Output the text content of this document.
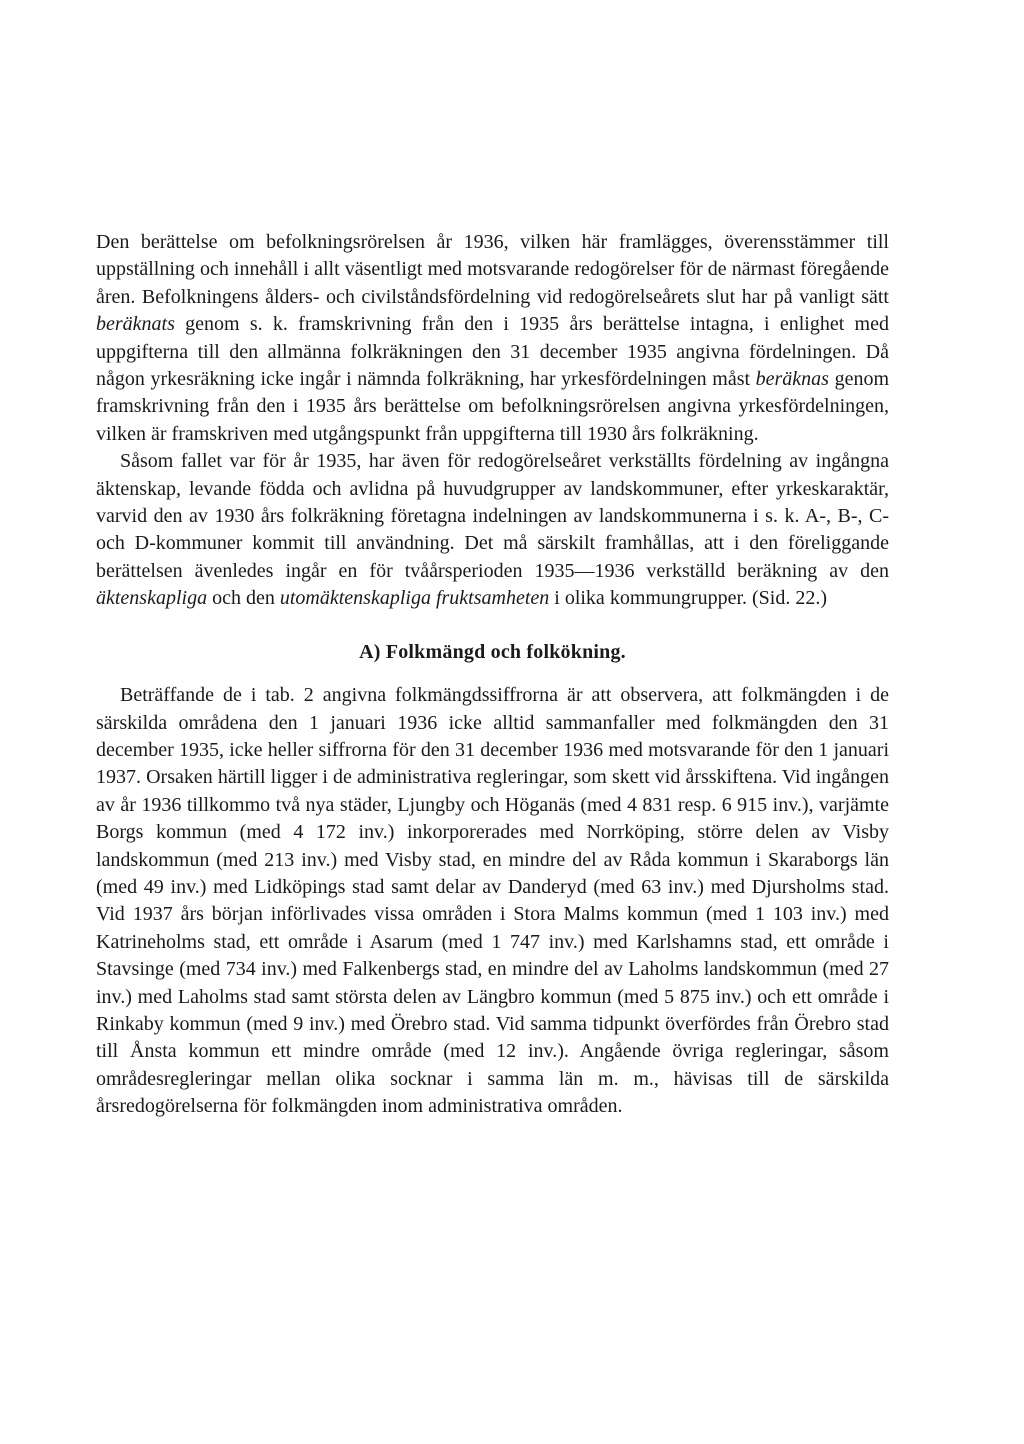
Den berättelse om befolkningsrörelsen år 1936, vilken här framlägges, överensstämmer till uppställning och innehåll i allt väsentligt med motsvarande redogörelser för de närmast föregående åren. Befolkningens ålders- och civilståndsfördelning vid redogörelseårets slut har på vanligt sätt beräknats genom s. k. framskrivning från den i 1935 års berättelse intagna, i enlighet med uppgifterna till den allmänna folkräkningen den 31 december 1935 angivna fördelningen. Då någon yrkesräkning icke ingår i nämnda folkräkning, har yrkesfördelningen måst beräknas genom framskrivning från den i 1935 års berättelse om befolkningsrörelsen angivna yrkesfördelningen, vilken är framskriven med utgångspunkt från uppgifterna till 1930 års folkräkning.

Såsom fallet var för år 1935, har även för redogörelseåret verkställts fördelning av ingångna äktenskap, levande födda och avlidna på huvudgrupper av landskommuner, efter yrkeskaraktär, varvid den av 1930 års folkräkning företagna indelningen av landskommunerna i s. k. A-, B-, C- och D-kommuner kommit till användning. Det må särskilt framhållas, att i den föreliggande berättelsen ävenledes ingår en för tvåårsperioden 1935—1936 verkställd beräkning av den äktenskapliga och den utomäktenskapliga fruktsamheten i olika kommungrupper. (Sid. 22.)

A) Folkmängd och folkökning.

Beträffande de i tab. 2 angivna folkmängdssiffrorna är att observera, att folkmängden i de särskilda områdena den 1 januari 1936 icke alltid sammanfaller med folkmängden den 31 december 1935, icke heller siffrorna för den 31 december 1936 med motsvarande för den 1 januari 1937. Orsaken härtill ligger i de administrativa regleringar, som skett vid årsskiftena. Vid ingången av år 1936 tillkommo två nya städer, Ljungby och Höganäs (med 4 831 resp. 6 915 inv.), varjämte Borgs kommun (med 4 172 inv.) inkorporerades med Norrköping, större delen av Visby landskommun (med 213 inv.) med Visby stad, en mindre del av Råda kommun i Skaraborgs län (med 49 inv.) med Lidköpings stad samt delar av Danderyd (med 63 inv.) med Djursholms stad. Vid 1937 års början införlivades vissa områden i Stora Malms kommun (med 1 103 inv.) med Katrineholms stad, ett område i Asarum (med 1 747 inv.) med Karlshamns stad, ett område i Stavsinge (med 734 inv.) med Falkenbergs stad, en mindre del av Laholms landskommun (med 27 inv.) med Laholms stad samt största delen av Längbro kommun (med 5 875 inv.) och ett område i Rinkaby kommun (med 9 inv.) med Örebro stad. Vid samma tidpunkt överfördes från Örebro stad till Ånsta kommun ett mindre område (med 12 inv.). Angående övriga regleringar, såsom områdesregleringar mellan olika socknar i samma län m. m., hävisas till de särskilda årsredogörelserna för folkmängden inom administrativa områden.
